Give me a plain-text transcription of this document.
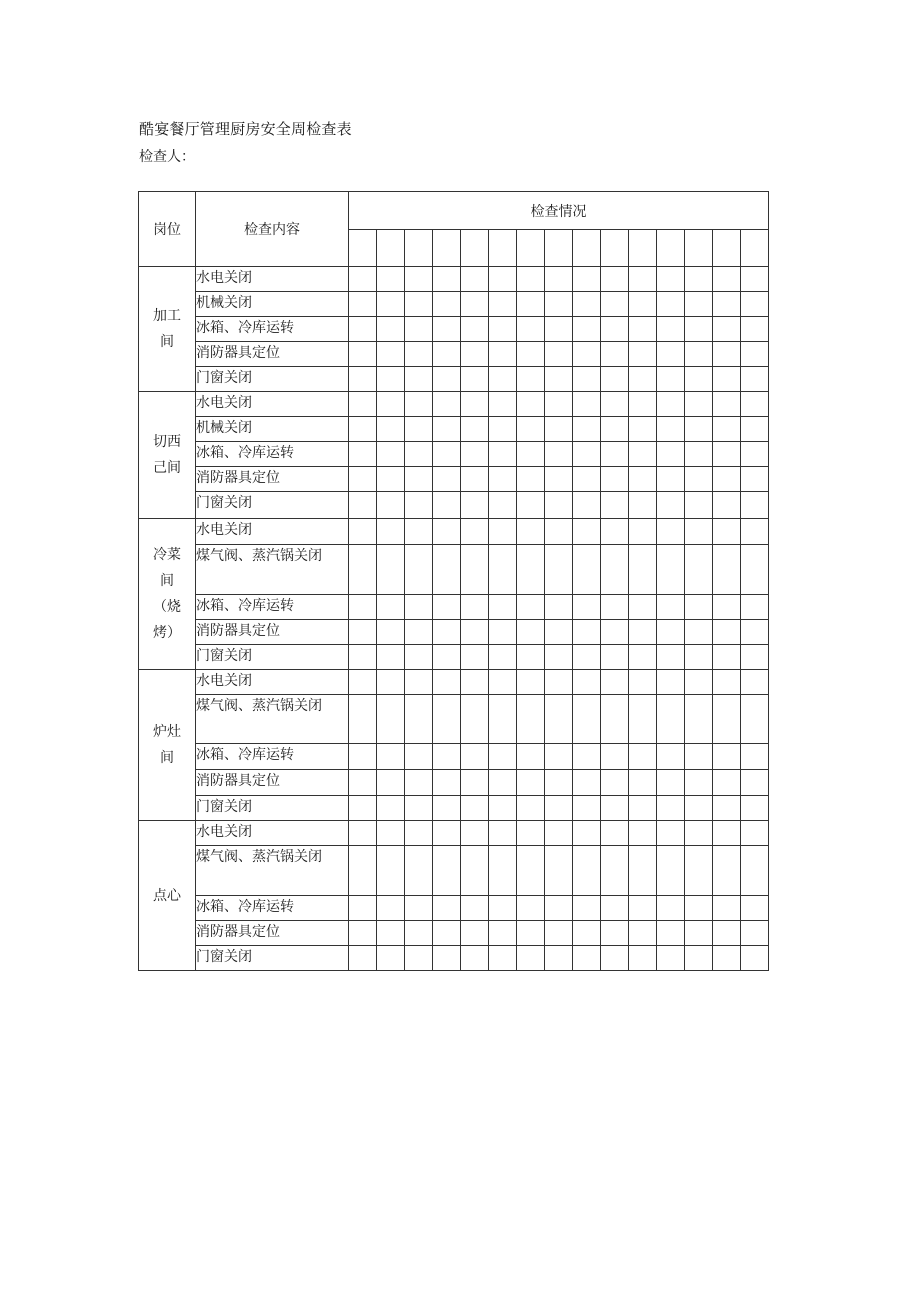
酷宴餐厅管理厨房安全周检查表
检查人：
岗位	检查内容	检查情况														

加工间	水电关闭															

	机械关闭															

	冰箱、冷库运转															

	消防器具定位															

	门窗关闭															

切西己间	水电关闭															

	机械关闭															

	冰箱、冷库运转															

	消防器具定位															

	门窗关闭															

冷菜间（烧烤）	水电关闭															

	煤气阀、蒸汽锅关闭															

	冰箱、冷库运转															

	消防器具定位															

	门窗关闭															

炉灶间	水电关闭															

	煤气阀、蒸汽锅关闭															

	冰箱、冷库运转															

	消防器具定位															

	门窗关闭															

点心	水电关闭															

	煤气阀、蒸汽锅关闭															

	冰箱、冷库运转															

	消防器具定位															

	门窗关闭															
